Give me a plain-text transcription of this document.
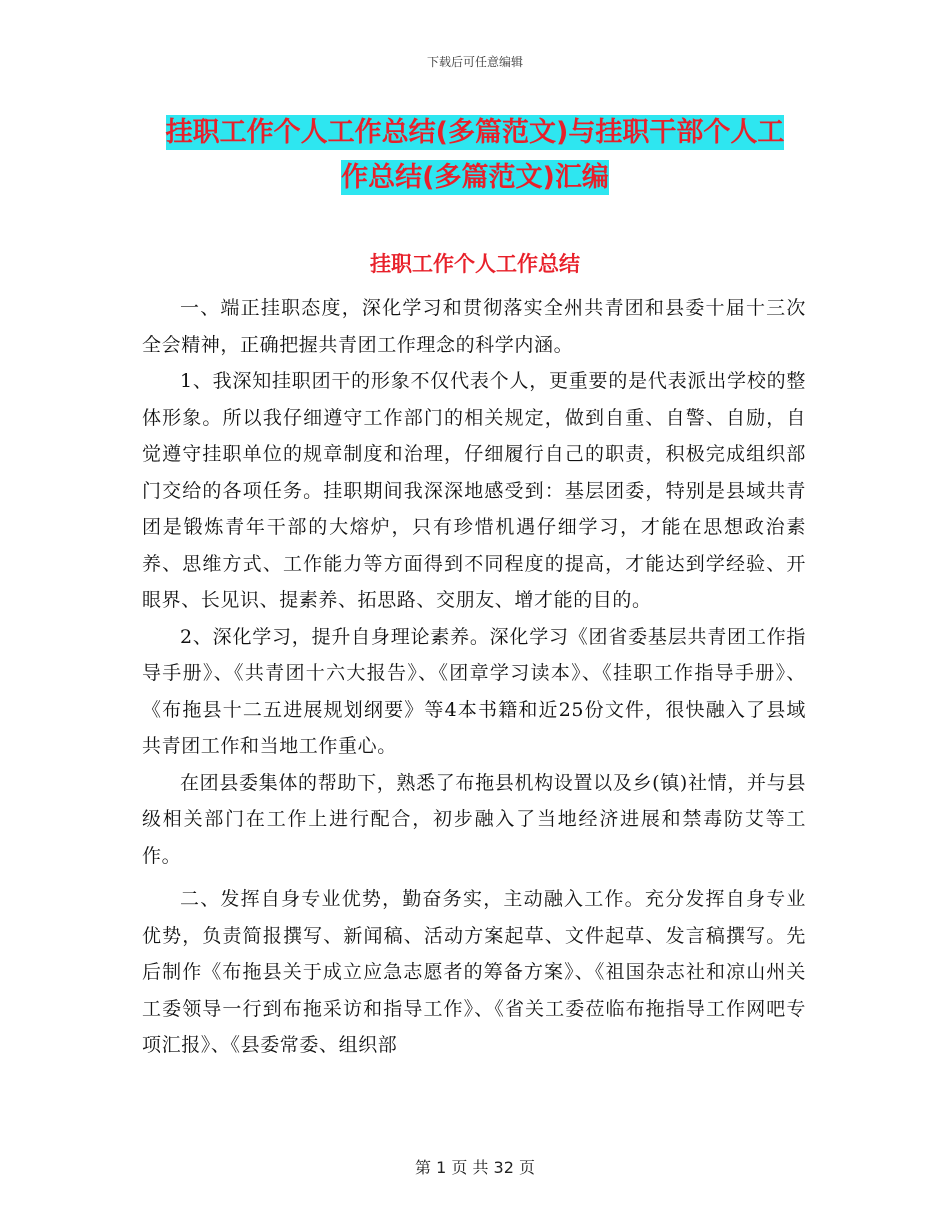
下载后可任意编辑
挂职工作个人工作总结(多篇范文)与挂职干部个人工
作总结(多篇范文)汇编
挂职工作个人工作总结

一、端正挂职态度，深化学习和贯彻落实全州共青团和县委十届十三次全会精神，正确把握共青团工作理念的科学内涵。

1、我深知挂职团干的形象不仅代表个人，更重要的是代表派出学校的整体形象。所以我仔细遵守工作部门的相关规定，做到自重、自警、自励，自觉遵守挂职单位的规章制度和治理，仔细履行自己的职责，积极完成组织部门交给的各项任务。挂职期间我深深地感受到：基层团委，特别是县域共青团是锻炼青年干部的大熔炉，只有珍惜机遇仔细学习，才能在思想政治素养、思维方式、工作能力等方面得到不同程度的提高，才能达到学经验、开眼界、长见识、提素养、拓思路、交朋友、增才能的目的。

2、深化学习，提升自身理论素养。深化学习《团省委基层共青团工作指导手册》、《共青团十六大报告》、《团章学习读本》、《挂职工作指导手册》、《布拖县十二五进展规划纲要》等4本书籍和近25份文件，很快融入了县域共青团工作和当地工作重心。

在团县委集体的帮助下，熟悉了布拖县机构设置以及乡(镇)社情，并与县级相关部门在工作上进行配合，初步融入了当地经济进展和禁毒防艾等工作。

二、发挥自身专业优势，勤奋务实，主动融入工作。充分发挥自身专业优势，负责简报撰写、新闻稿、活动方案起草、文件起草、发言稿撰写。先后制作《布拖县关于成立应急志愿者的筹备方案》、《祖国杂志社和凉山州关工委领导一行到布拖采访和指导工作》、《省关工委莅临布拖指导工作网吧专项汇报》、《县委常委、组织部

第 1 页 共 32 页
